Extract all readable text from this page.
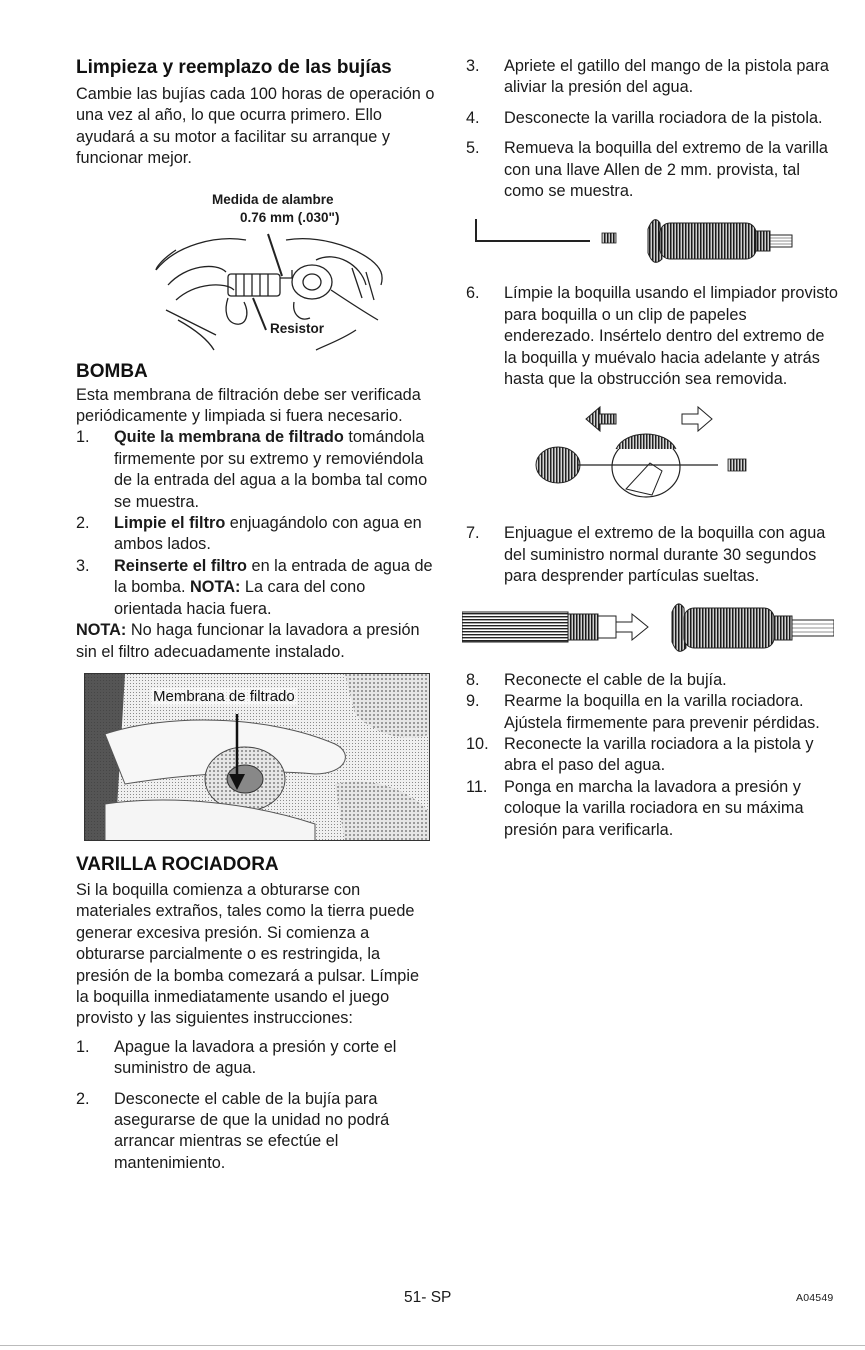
Limpieza y reemplazo de las bujías

Cambie las bujías cada 100 horas de operación o una vez al año, lo que ocurra primero. Ello ayudará a su motor a facilitar su arranque y funcionar mejor.

Medida de alambre
0.76 mm (.030")
Resistor
BOMBA

Esta membrana de filtración debe ser verificada periódicamente y limpiada si fuera necesario.

1.	Quite la membrana de filtrado tomándola firmemente por su extremo y removiéndola de la entrada del agua a la bomba tal como se muestra.
2.	Limpie el filtro enjuagándolo con agua en ambos lados.
3.	Reinserte el filtro en la entrada de agua de la bomba. NOTA: La cara del cono orientada hacia fuera.

NOTA: No haga funcionar la lavadora a presión sin el filtro adecuadamente instalado.

Membrana de filtrado
VARILLA ROCIADORA

Si la boquilla comienza a obturarse con materiales extraños, tales como la tierra puede generar excesiva presión. Si comienza a obturarse parcialmente o es restringida, la presión de la bomba comezará a pulsar. Límpie la boquilla inmediatamente usando el juego provisto y las siguientes instrucciones:

1.	Apague la lavadora a presión y corte el suministro de agua.
2.	Desconecte el cable de la bujía para asegurarse de que la unidad no podrá arrancar mientras se efectúe el mantenimiento.
3.	Apriete el gatillo del mango de la pistola para aliviar la presión del agua.
4.	Desconecte la varilla rociadora de la pistola.
5.	Remueva la boquilla del extremo de la varilla con una llave Allen de 2 mm. provista, tal como se muestra.
6.	Límpie la boquilla usando el limpiador provisto para boquilla o un clip de papeles enderezado. Insértelo dentro del extremo de la boquilla y muévalo hacia adelante y atrás hasta que la obstrucción sea removida.
7.	Enjuague el extremo de la boquilla con agua del suministro normal durante 30 segundos para desprender partículas sueltas.
8.	Reconecte el cable de la bujía.
9.	Rearme la boquilla en la varilla rociadora. Ajústela firmemente para prevenir pérdidas.
10. Reconecte la varilla rociadora a la pistola y abra el paso del agua.
11.	Ponga en marcha la lavadora a presión y coloque la varilla rociadora en su máxima presión para verificarla.
51- SP	A04549
